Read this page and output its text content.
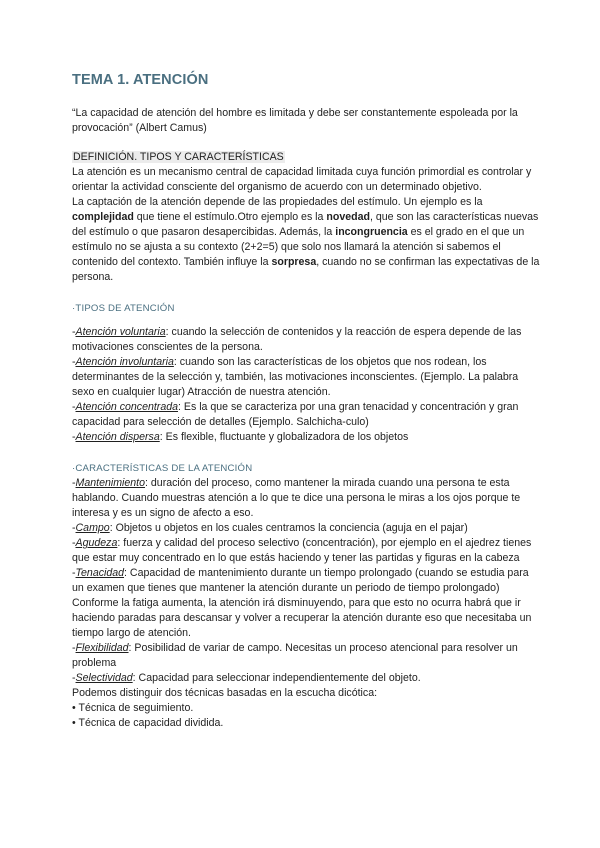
TEMA 1. ATENCIÓN

“La capacidad de atención del hombre es limitada y debe ser constantemente espoleada por la provocación” (Albert Camus)

DEFINICIÓN. TIPOS Y CARACTERÍSTICAS

La atención es un mecanismo central de capacidad limitada cuya función primordial es controlar y orientar la actividad consciente del organismo de acuerdo con un determinado objetivo.

La captación de la atención depende de las propiedades del estímulo. Un ejemplo es la complejidad que tiene el estímulo.Otro ejemplo es la novedad, que son las características nuevas del estímulo o que pasaron desapercibidas. Además, la incongruencia es el grado en el que un estímulo no se ajusta a su contexto (2+2=5) que solo nos llamará la atención si sabemos el contenido del contexto. También influye la sorpresa, cuando no se confirman las expectativas de la persona.

·TIPOS DE ATENCIÓN

-Atención voluntaria: cuando la selección de contenidos y la reacción de espera depende de las motivaciones conscientes de la persona.

-Atención involuntaria: cuando son las características de los objetos que nos rodean, los determinantes de la selección y, también, las motivaciones inconscientes. (Ejemplo. La palabra sexo en cualquier lugar) Atracción de nuestra atención.

-Atención concentrada: Es la que se caracteriza por una gran tenacidad y concentración y gran capacidad para selección de detalles (Ejemplo. Salchicha-culo)

-Atención dispersa: Es flexible, fluctuante y globalizadora de los objetos

·CARACTERÍSTICAS DE LA ATENCIÓN

-Mantenimiento: duración del proceso, como mantener la mirada cuando una persona te esta hablando. Cuando muestras atención a lo que te dice una persona le miras a los ojos porque te interesa y es un signo de afecto a eso.

-Campo: Objetos u objetos en los cuales centramos la conciencia (aguja en el pajar)

-Agudeza: fuerza y calidad del proceso selectivo (concentración), por ejemplo en el ajedrez tienes que estar muy concentrado en lo que estás haciendo y tener las partidas y figuras en la cabeza

-Tenacidad: Capacidad de mantenimiento durante un tiempo prolongado (cuando se estudia para un examen que tienes que mantener la atención durante un periodo de tiempo prolongado) Conforme la fatiga aumenta, la atención irá disminuyendo, para que esto no ocurra habrá que ir haciendo paradas para descansar y volver a recuperar la atención durante eso que necesitaba un tiempo largo de atención.

-Flexibilidad: Posibilidad de variar de campo. Necesitas un proceso atencional para resolver un problema

-Selectividad: Capacidad para seleccionar independientemente del objeto.

Podemos distinguir dos técnicas basadas en la escucha dicótica:

• Técnica de seguimiento.

• Técnica de capacidad dividida.
